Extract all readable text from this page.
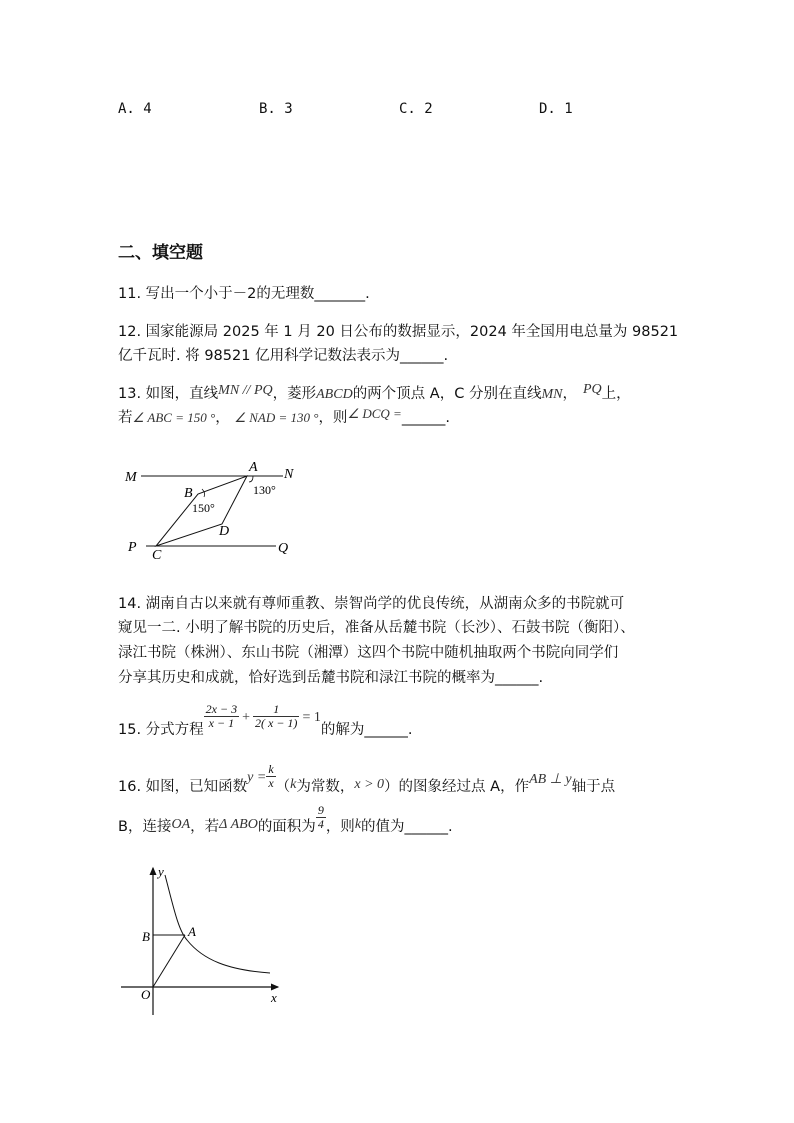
A. 4	B. 3	C. 2	D. 1
二、填空题
11. 写出一个小于－2的无理数_______.
12. 国家能源局 2025 年 1 月 20 日公布的数据显示，2024 年全国用电总量为 98521
亿千瓦时. 将 98521 亿用科学记数法表示为______.
13. 如图，直线MN // PQ，菱形ABCD的两个顶点 A，C 分别在直线MN， PQ上，
若∠ ABC = 150 °， ∠ NAD = 130 °，则∠ DCQ =______.
M
A N
B
150°
130°
D
P
C	Q
14. 湖南自古以来就有尊师重教、崇智尚学的优良传统，从湖南众多的书院就可
窥见一二. 小明了解书院的历史后，准备从岳麓书院（长沙）、石鼓书院（衡阳）、
渌江书院（株洲）、东山书院（湘潭）这四个书院中随机抽取两个书院向同学们
分享其历史和成就，恰好选到岳麓书院和渌江书院的概率为______.
15. 分式方程 $\frac{2x - 3}{x - 1} + \frac{1}{2( x - 1)} = 1$
的解为______.
16. 如图，已知函数
$y = \frac{k}{x}$ （ k 为常数， x > 0 ）的图象经过点 A，作 AB ⊥ y 轴于点
B，连接 OA ，若 Δ ABO 的面积为 $\frac{9}{4}$ ，则 k 的值为______.
y
x
B	A
O
